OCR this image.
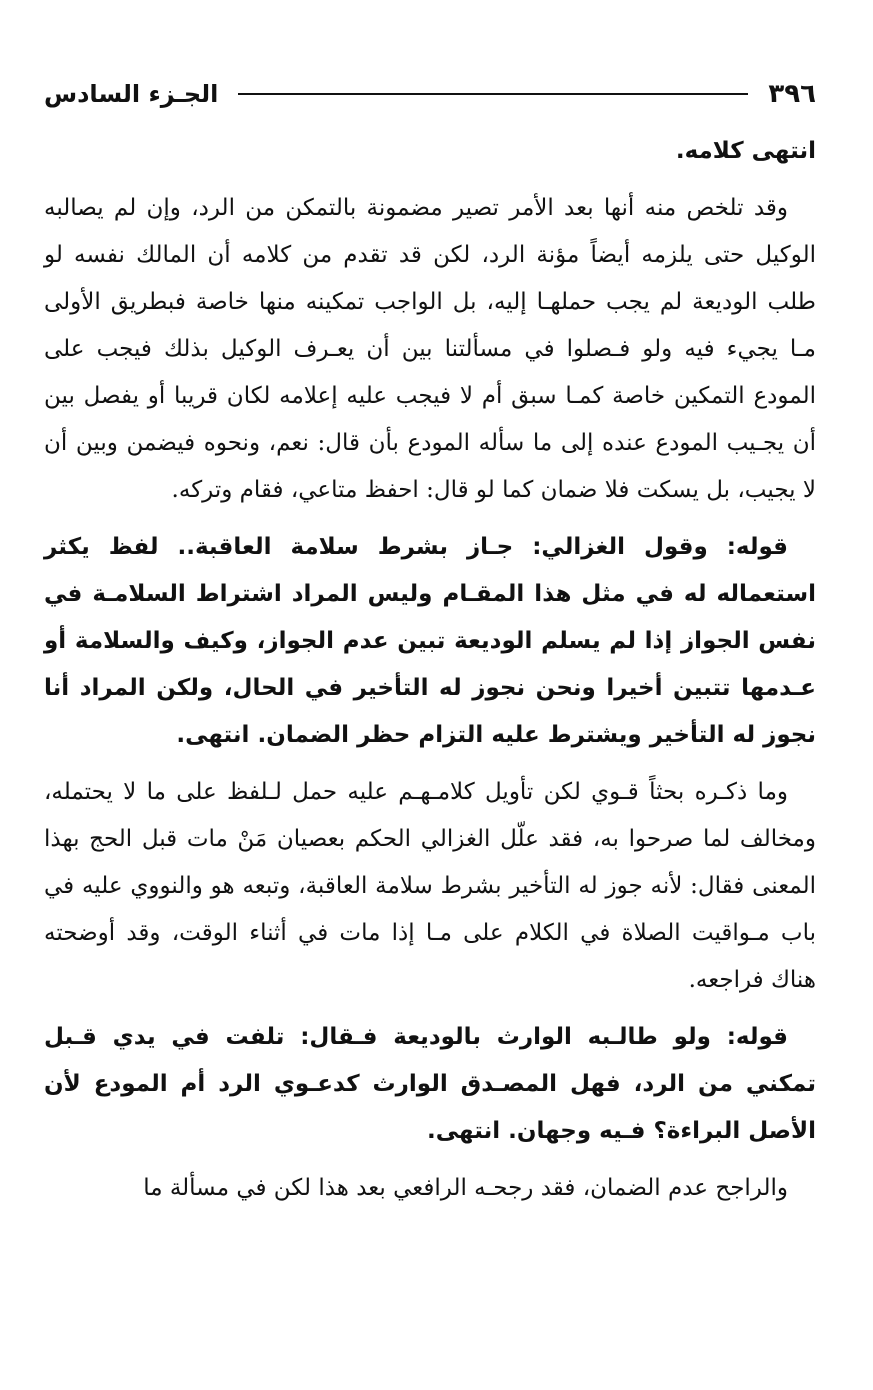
٣٩٦
الجـزء السادس

انتهى كلامه.

وقد تلخص منه أنها بعد الأمر تصير مضمونة بالتمكن من الرد، وإن لم يصالبه الوكيل حتى يلزمه أيضاً مؤنة الرد، لكن قد تقدم من كلامه أن المالك نفسه لو طلب الوديعة لم يجب حملهـا إليه، بل الواجب تمكينه منها خاصة فبطريق الأولى مـا يجيء فيه ولو فـصلوا في مسألتنا بين أن يعـرف الوكيل بذلك فيجب على المودع التمكين خاصة كمـا سبق أم لا فيجب عليه إعلامه لكان قريبا أو يفصل بين أن يجـيب المودع عنده إلى ما سأله المودع بأن قال: نعم، ونحوه فيضمن وبين أن لا يجيب، بل يسكت فلا ضمان كما لو قال: احفظ متاعي، فقام وتركه.

قوله: وقول الغزالي: جـاز بشرط سلامة العاقبة.. لفظ يكثر استعماله له في مثل هذا المقـام وليس المراد اشتراط السلامـة في نفس الجواز إذا لم يسلم الوديعة تبين عدم الجواز، وكيف والسلامة أو عـدمها تتبين أخيرا ونحن نجوز له التأخير في الحال، ولكن المراد أنا نجوز له التأخير ويشترط عليه التزام حظر الضمان. انتهى.

وما ذكـره بحثاً قـوي لكن تأويل كلامـهـم عليه حمل لـلفظ على ما لا يحتمله، ومخالف لما صرحوا به، فقد علّل الغزالي الحكم بعصيان مَنْ مات قبل الحج بهذا المعنى فقال: لأنه جوز له التأخير بشرط سلامة العاقبة، وتبعه هو والنووي عليه في باب مـواقيت الصلاة في الكلام على مـا إذا مات في أثناء الوقت، وقد أوضحته هناك فراجعه.

قوله: ولو طالـبه الوارث بالوديعة فـقال: تلفت في يدي قـبل تمكني من الرد، فهل المصـدق الوارث كدعـوي الرد أم المودع لأن الأصل البراءة؟ فـيه وجهان. انتهى.

والراجح عدم الضمان، فقد رجحـه الرافعي بعد هذا لكن في مسألة ما
